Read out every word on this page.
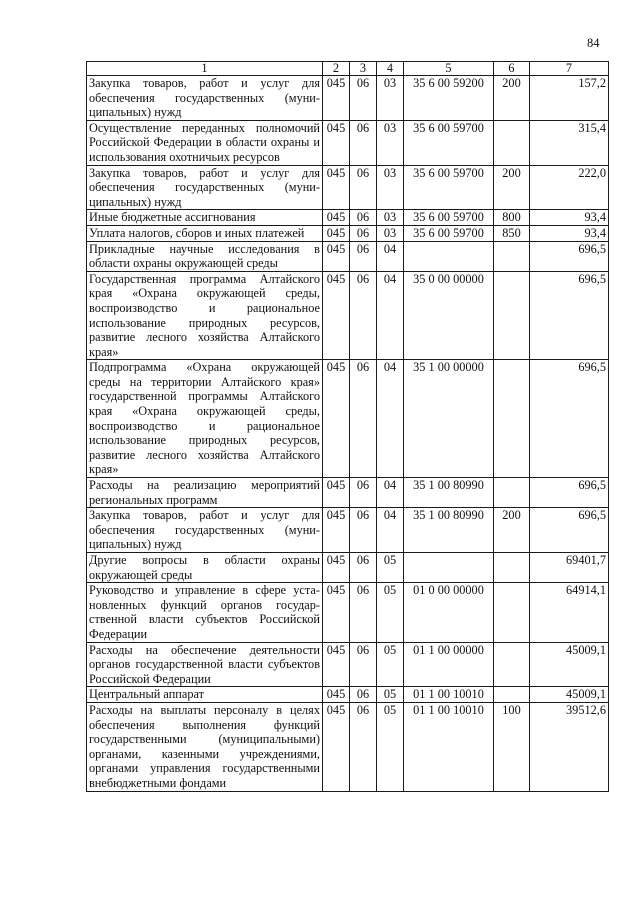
84
1	2	3	4	5	6	7
Закупка товаров, работ и услуг для обеспечения государственных (муниципальных) нужд	045	06	03	35 6 00 59200	200	157,2
Осуществление переданных полномочий Российской Федерации в области охраны и использования охотничьих ресурсов	045	06	03	35 6 00 59700		315,4
Закупка товаров, работ и услуг для обеспечения государственных (муниципальных) нужд	045	06	03	35 6 00 59700	200	222,0
Иные бюджетные ассигнования	045	06	03	35 6 00 59700	800	93,4
Уплата налогов, сборов и иных платежей	045	06	03	35 6 00 59700	850	93,4
Прикладные научные исследования в области охраны окружающей среды	045	06	04			696,5
Государственная программа Алтайского края «Охрана окружающей среды, воспроизводство и рациональное использование природных ресурсов, развитие лесного хозяйства Алтайского края»	045	06	04	35 0 00 00000		696,5
Подпрограмма «Охрана окружающей среды на территории Алтайского края» государственной программы Алтайского края «Охрана окружающей среды, воспроизводство и рациональное использование природных ресурсов, развитие лесного хозяйства Алтайского края»	045	06	04	35 1 00 00000		696,5
Расходы на реализацию мероприятий региональных программ	045	06	04	35 1 00 80990		696,5
Закупка товаров, работ и услуг для обеспечения государственных (муниципальных) нужд	045	06	04	35 1 00 80990	200	696,5
Другие вопросы в области охраны окружающей среды	045	06	05			69401,7
Руководство и управление в сфере установленных функций органов государственной власти субъектов Российской Федерации	045	06	05	01 0 00 00000		64914,1
Расходы на обеспечение деятельности органов государственной власти субъектов Российской Федерации	045	06	05	01 1 00 00000		45009,1
Центральный аппарат	045	06	05	01 1 00 10010		45009,1
Расходы на выплаты персоналу в целях обеспечения выполнения функций государственными (муниципальными) органами, казенными учреждениями, органами управления государственными внебюджетными фондами	045	06	05	01 1 00 10010	100	39512,6
